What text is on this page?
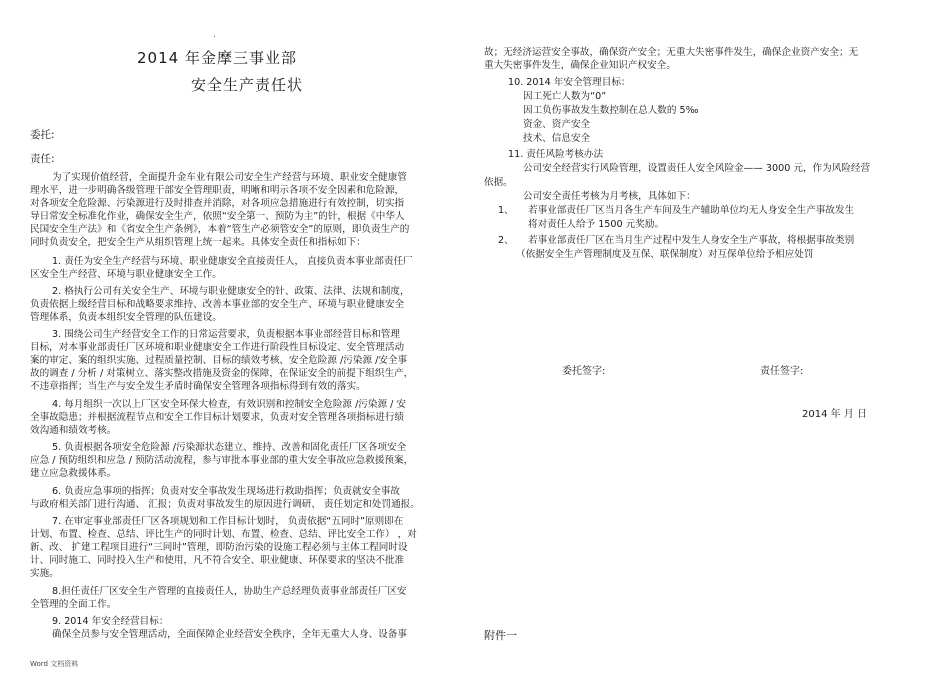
.
2014 年金摩三事业部
安全生产责任状
委托:
责任:
为了实现价值经营，全面提升金车业有限公司安全生产经营与环境、职业安全健康管
理水平，进一步明确各级管理干部安全管理职责，明晰和明示各项不安全因素和危险源，
对各项安全危险源、污染源进行及时排查并消除，对各项应急措施进行有效控制，切实指
导日常安全标准化作业，确保安全生产，依照“安全第一、预防为主”的针，根据《中华人
民国安全生产法》和《省安全生产条例》，本着“管生产必须管安全”的原则，即负责生产的
同时负责安全，把安全生产从组织管理上统一起来。具体安全责任和指标如下：
1. 责任为安全生产经营与环境、职业健康安全直接责任人， 直接负责本事业部责任厂
区安全生产经营、环境与职业健康安全工作。
2. 格执行公司有关安全生产、环境与职业健康安全的针、政策、法律、法规和制度，
负责依据上级经营目标和战略要求维持、改善本事业部的安全生产、环境与职业健康安全
管理体系，负责本组织安全管理的队伍建设。
3. 围绕公司生产经营安全工作的日常运营要求，负责根据本事业部经营目标和管理
目标，对本事业部责任厂区环境和职业健康安全工作进行阶段性目标设定、安全管理活动
案的审定、案的组织实施、过程质量控制、目标的绩效考核、安全危险源 /污染源 /安全事
故的调查 / 分析 / 对策树立、落实整改措施及资金的保障，在保证安全的前提下组织生产，
不违章指挥；当生产与安全发生矛盾时确保安全管理各项指标得到有效的落实。
4. 每月组织一次以上厂区安全环保大检查，有效识别和控制安全危险源 /污染源 / 安
全事故隐患；并根据流程节点和安全工作目标计划要求，负责对安全管理各项指标进行绩
效沟通和绩效考核。
5. 负责根据各项安全危险源 /污染源状态建立、维持、改善和固化责任厂区各项安全
应急 / 预防组织和应急 / 预防活动流程，参与审批本事业部的重大安全事故应急救援预案，
建立应急救援体系。
6. 负责应急事项的指挥；负责对安全事故发生现场进行救助指挥；负责就安全事故
与政府相关部门进行沟通、 汇报；负责对事故发生的原因进行调研、 责任划定和处罚通报。
7. 在审定事业部责任厂区各项规划和工作目标计划时， 负责依据“五同时”原则即在
计划、布置、检查、总结、评比生产的同时计划、布置、检查、总结、评比安全工作） ，对
新、改、 扩建工程项目进行“三同时”管理，即防治污染的设施工程必须与主体工程同时设
计、同时施工、同时投入生产和使用，凡不符合安全、职业健康、环保要求的坚决不批准
实施。
8.担任责任厂区安全生产管理的直接责任人，协助生产总经理负责事业部责任厂区安
全管理的全面工作。
9. 2014 年安全经营目标：
确保全员参与安全管理活动，全面保障企业经营安全秩序，全年无重大人身、设备事
Word 文档资料
故；无经济运营安全事故，确保资产安全；无重大失密事件发生，确保企业资产安全；无
重大失密事件发生，确保企业知识产权安全。
10. 2014 年安全管理目标：
因工死亡人数为“0”
因工负伤事故发生数控制在总人数的 5‰
资金、资产安全
技术、信息安全
11. 责任风险考核办法
公司安全经营实行风险管理，设置责任人安全风险金—— 3000 元，作为风险经营
依据。
公司安全责任考核为月考核，具体如下：
1、 若事业部责任厂区当月各生产车间及生产辅助单位均无人身安全生产事故发生
将对责任人给予 1500 元奖励。
2、 若事业部责任厂区在当月生产过程中发生人身安全生产事故，将根据事故类别
（依据安全生产管理制度及互保、联保制度）对互保单位给予相应处罚
委托签字:	责任签字:
2014 年 月 日
附件一
